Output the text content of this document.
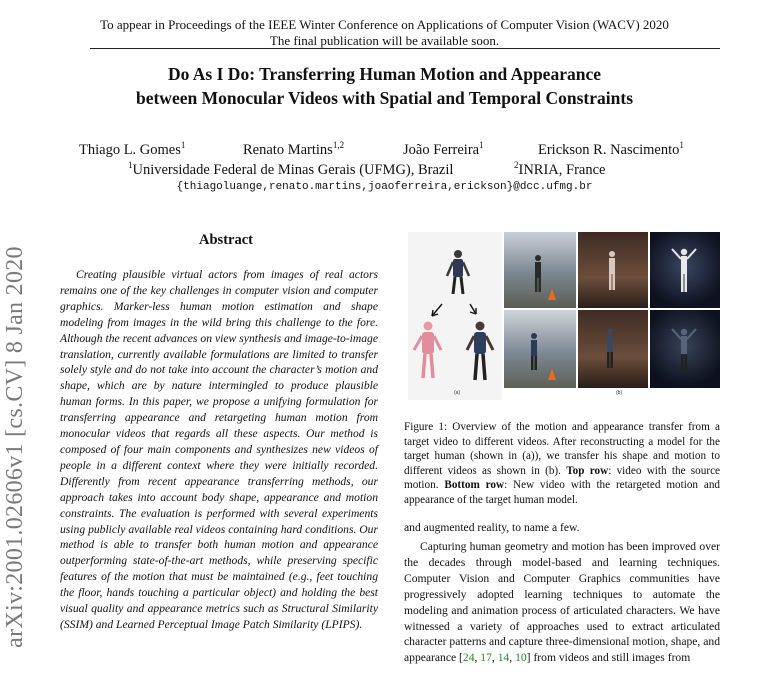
To appear in Proceedings of the IEEE Winter Conference on Applications of Computer Vision (WACV) 2020
The final publication will be available soon.
Do As I Do: Transferring Human Motion and Appearance
between Monocular Videos with Spatial and Temporal Constraints
Thiago L. Gomes$^1$	Renato Martins$^{1,2}$	João Ferreira$^1$	Erickson R. Nascimento$^1$
$^1$Universidade Federal de Minas Gerais (UFMG), Brazil	$^2$INRIA, France
{thiagoluange,renato.martins,joaoferreira,erickson}@dcc.ufmg.br
arXiv:2001.02606v1 [cs.CV] 8 Jan 2020
Abstract
Creating plausible virtual actors from images of real actors remains one of the key challenges in computer vision and computer graphics. Marker-less human motion estimation and shape modeling from images in the wild bring this challenge to the fore. Although the recent advances on view synthesis and image-to-image translation, currently available formulations are limited to transfer solely style and do not take into account the character’s motion and shape, which are by nature intermingled to produce plausible human forms. In this paper, we propose a unifying formulation for transferring appearance and retargeting human motion from monocular videos that regards all these aspects. Our method is composed of four main components and synthesizes new videos of people in a different context where they were initially recorded. Differently from recent appearance transferring methods, our approach takes into account body shape, appearance and motion constraints. The evaluation is performed with several experiments using publicly available real videos containing hard conditions. Our method is able to transfer both human motion and appearance outperforming state-of-the-art methods, while preserving specific features of the motion that must be maintained (e.g., feet touching the floor, hands touching a particular object) and holding the best visual quality and appearance metrics such as Structural Similarity (SSIM) and Learned Perceptual Image Patch Similarity (LPIPS).
(a)	(b)
Figure 1: Overview of the motion and appearance transfer from a target video to different videos. After reconstructing a model for the target human (shown in (a)), we transfer his shape and motion to different videos as shown in (b). Top row: video with the source motion. Bottom row: New video with the retargeted motion and appearance of the target human model.
and augmented reality, to name a few.
Capturing human geometry and motion has been improved over the decades through model-based and learning techniques. Computer Vision and Computer Graphics communities have progressively adopted learning techniques to automate the modeling and animation process of articulated characters. We have witnessed a variety of approaches used to extract articulated character patterns and capture three-dimensional motion, shape, and appearance [24, 17, 14, 10] from videos and still images from
